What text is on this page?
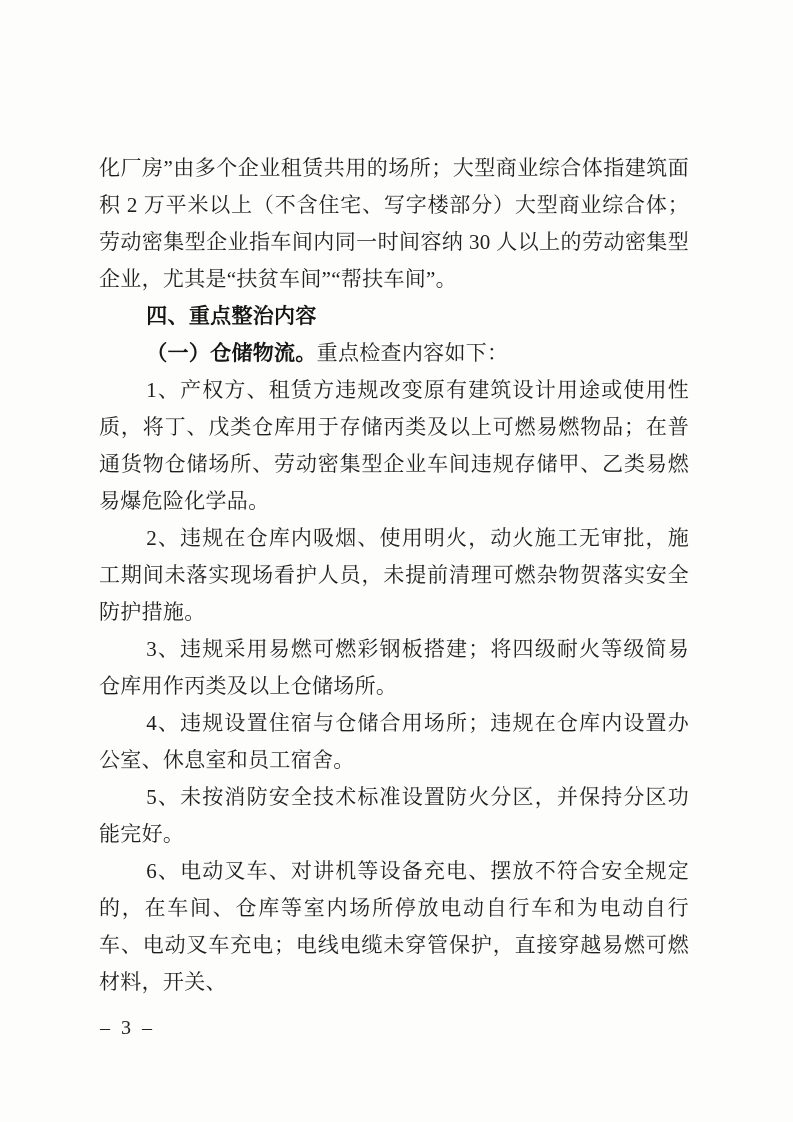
化厂房”由多个企业租赁共用的场所；大型商业综合体指建筑面积 2 万平米以上（不含住宅、写字楼部分）大型商业综合体；劳动密集型企业指车间内同一时间容纳 30 人以上的劳动密集型企业，尤其是“扶贫车间”“帮扶车间”。

四、重点整治内容

（一）仓储物流。重点检查内容如下：

1、产权方、租赁方违规改变原有建筑设计用途或使用性质，将丁、戊类仓库用于存储丙类及以上可燃易燃物品；在普通货物仓储场所、劳动密集型企业车间违规存储甲、乙类易燃易爆危险化学品。

2、违规在仓库内吸烟、使用明火，动火施工无审批，施工期间未落实现场看护人员，未提前清理可燃杂物贺落实安全防护措施。

3、违规采用易燃可燃彩钢板搭建；将四级耐火等级简易仓库用作丙类及以上仓储场所。

4、违规设置住宿与仓储合用场所；违规在仓库内设置办公室、休息室和员工宿舍。

5、未按消防安全技术标准设置防火分区，并保持分区功能完好。

6、电动叉车、对讲机等设备充电、摆放不符合安全规定的，在车间、仓库等室内场所停放电动自行车和为电动自行车、电动叉车充电；电线电缆未穿管保护，直接穿越易燃可燃材料，开关、

– 3 –
